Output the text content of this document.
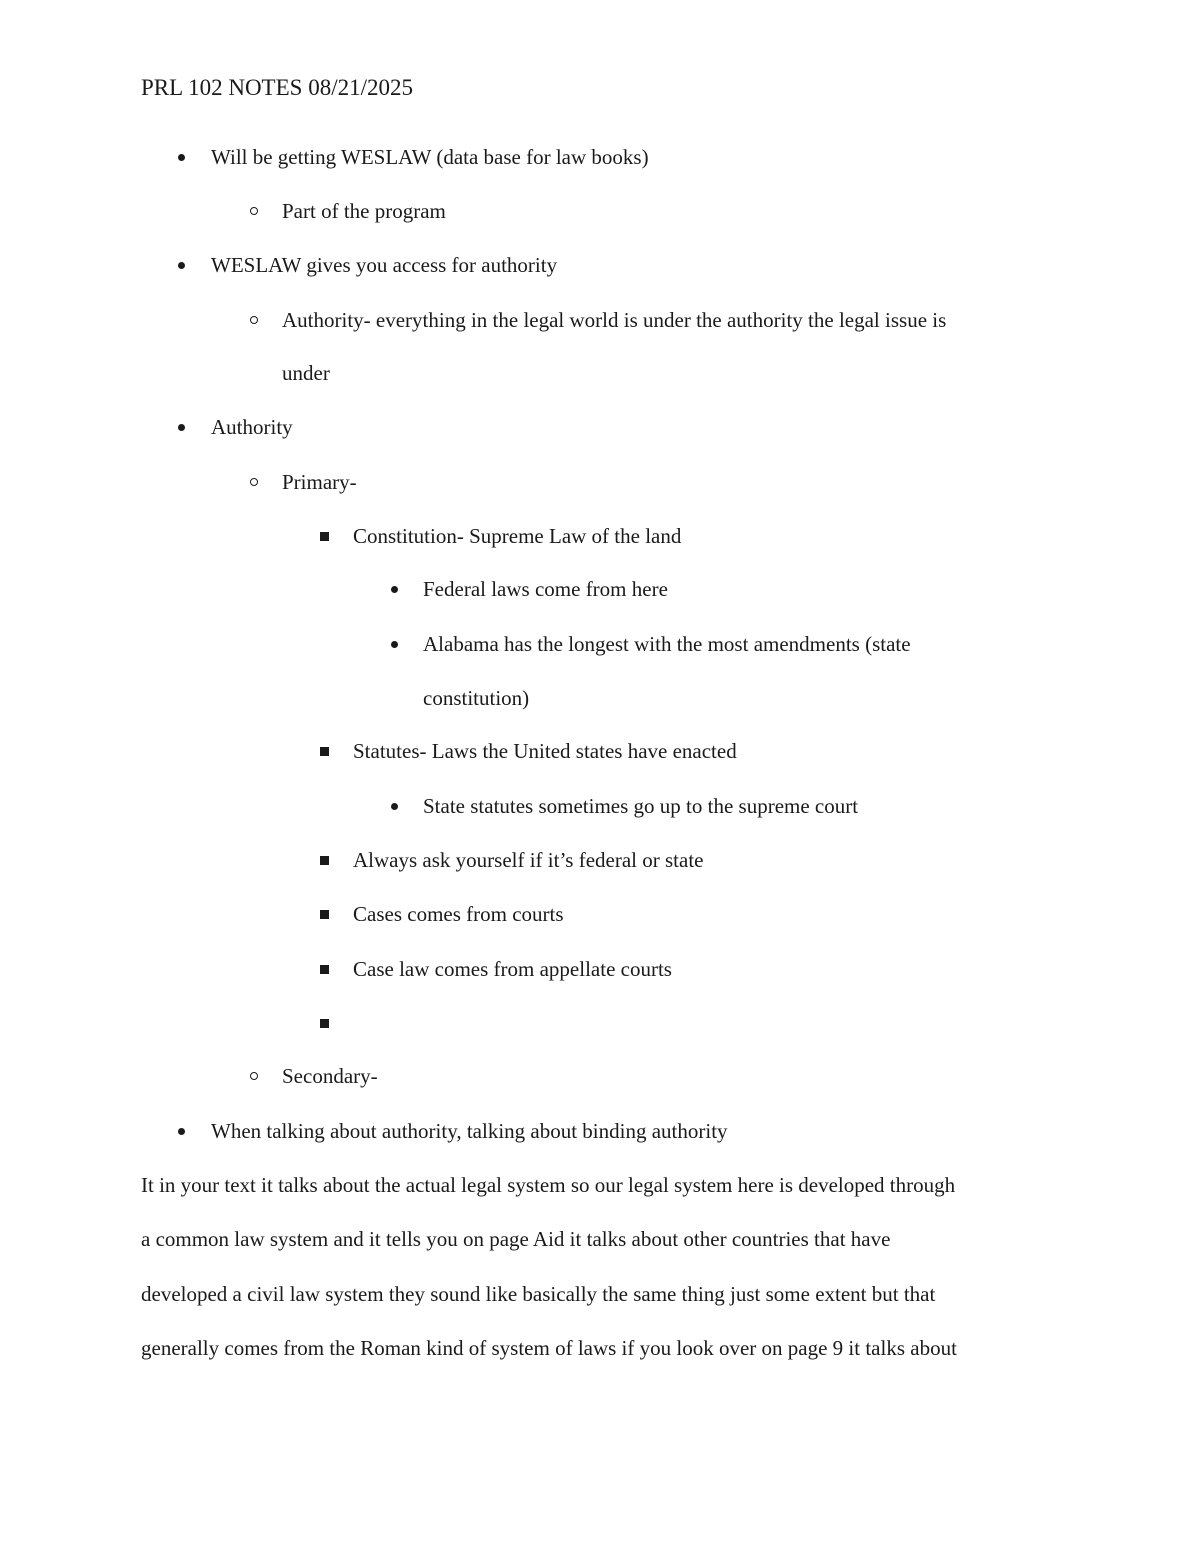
PRL 102 NOTES 08/21/2025
Will be getting WESLAW (data base for law books)
Part of the program
WESLAW gives you access for authority
Authority- everything in the legal world is under the authority the legal issue is
under
Authority
Primary-
Constitution- Supreme Law of the land
Federal laws come from here
Alabama has the longest with the most amendments (state
constitution)
Statutes- Laws the United states have enacted
State statutes sometimes go up to the supreme court
Always ask yourself if it’s federal or state
Cases comes from courts
Case law comes from appellate courts
Secondary-
When talking about authority, talking about binding authority
It in your text it talks about the actual legal system so our legal system here is developed through
a common law system and it tells you on page Aid it talks about other countries that have
developed a civil law system they sound like basically the same thing just some extent but that
generally comes from the Roman kind of system of laws if you look over on page 9 it talks about
